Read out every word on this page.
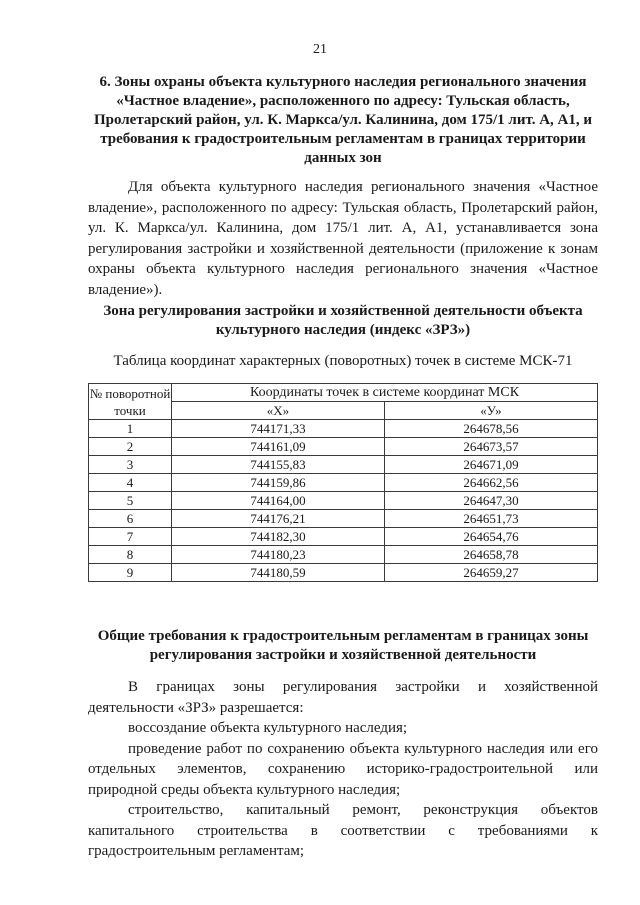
21
6. Зоны охраны объекта культурного наследия регионального значения «Частное владение», расположенного по адресу: Тульская область, Пролетарский район, ул. К. Маркса/ул. Калинина, дом 175/1 лит. А, А1, и требования к градостроительным регламентам в границах территории данных зон
Для объекта культурного наследия регионального значения «Частное владение», расположенного по адресу: Тульская область, Пролетарский район, ул. К. Маркса/ул. Калинина, дом 175/1 лит. А, А1, устанавливается зона регулирования застройки и хозяйственной деятельности (приложение к зонам охраны объекта культурного наследия регионального значения «Частное владение»).
Зона регулирования застройки и хозяйственной деятельности объекта культурного наследия (индекс «ЗРЗ»)
Таблица координат характерных (поворотных) точек в системе МСК-71
№ поворотной точки	Координаты точек в системе координат МСК	
	«Х»	«У»
1	744171,33	264678,56
2	744161,09	264673,57
3	744155,83	264671,09
4	744159,86	264662,56
5	744164,00	264647,30
6	744176,21	264651,73
7	744182,30	264654,76
8	744180,23	264658,78
9	744180,59	264659,27
Общие требования к градостроительным регламентам в границах зоны регулирования застройки и хозяйственной деятельности
В границах зоны регулирования застройки и хозяйственной деятельности «ЗРЗ» разрешается:
воссоздание объекта культурного наследия;
проведение работ по сохранению объекта культурного наследия или его отдельных элементов, сохранению историко-градостроительной или природной среды объекта культурного наследия;
строительство, капитальный ремонт, реконструкция объектов капитального строительства в соответствии с требованиями к градостроительным регламентам;
